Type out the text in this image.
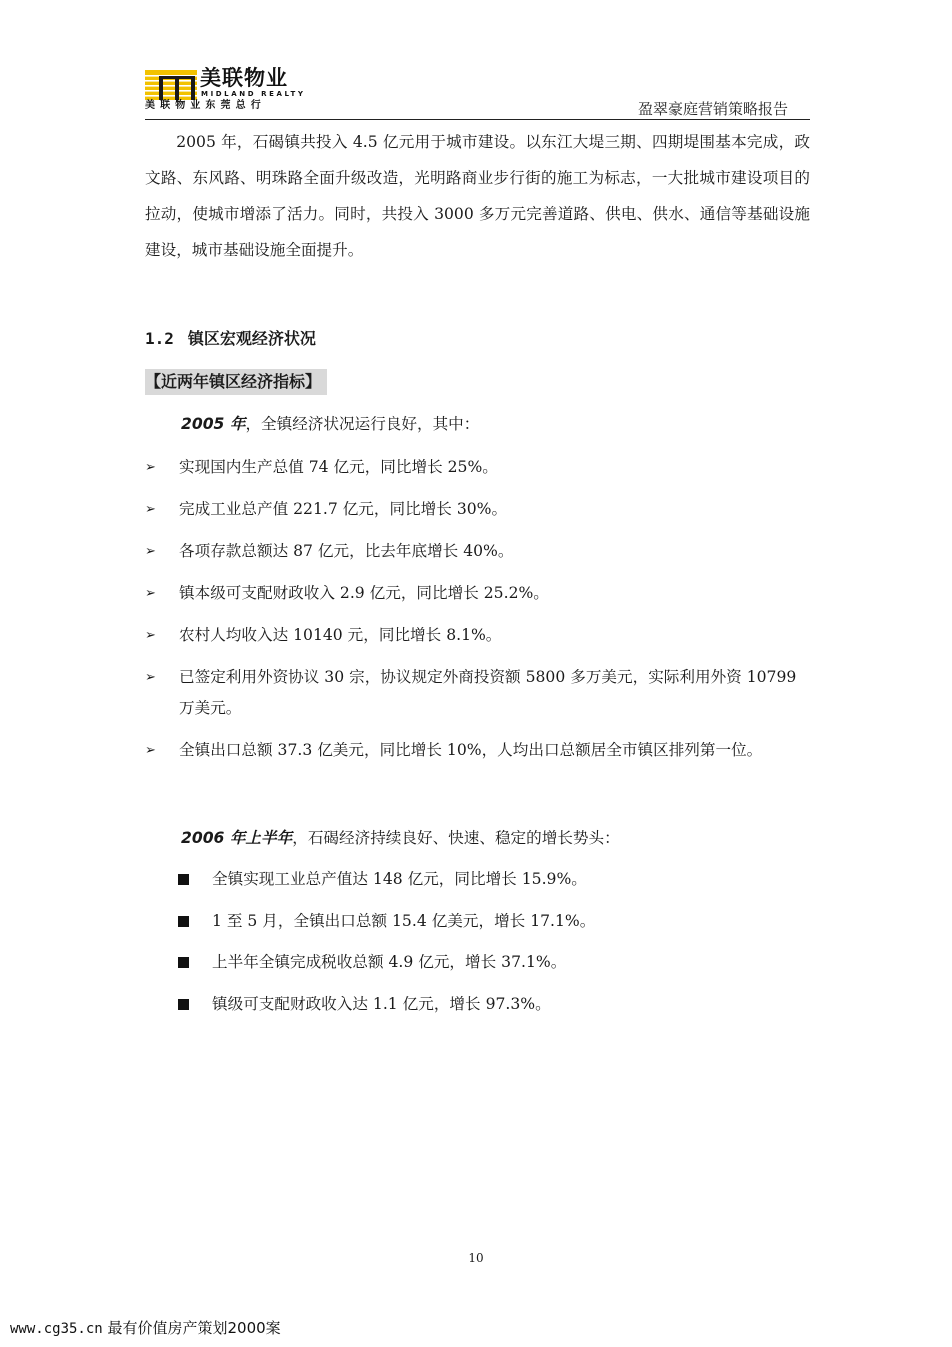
美联物业
MIDLAND REALTY
美联物业东莞总行	盈翠豪庭营销策略报告

2005 年，石碣镇共投入 4.5 亿元用于城市建设。以东江大堤三期、四期堤围基本完成，政文路、东风路、明珠路全面升级改造，光明路商业步行街的施工为标志，一大批城市建设项目的拉动，使城市增添了活力。同时，共投入 3000 多万元完善道路、供电、供水、通信等基础设施建设，城市基础设施全面提升。

1.2 镇区宏观经济状况
【近两年镇区经济指标】
2005 年，全镇经济状况运行良好，其中：
➢	实现国内生产总值 74 亿元，同比增长 25%。
➢	完成工业总产值 221.7 亿元，同比增长 30%。
➢	各项存款总额达 87 亿元，比去年底增长 40%。
➢	镇本级可支配财政收入 2.9 亿元，同比增长 25.2%。
➢	农村人均收入达 10140 元，同比增长 8.1%。
➢	已签定利用外资协议 30 宗，协议规定外商投资额 5800 多万美元，实际利用外资 10799 万美元。
➢	全镇出口总额 37.3 亿美元，同比增长 10%，人均出口总额居全市镇区排列第一位。
2006 年上半年，石碣经济持续良好、快速、稳定的增长势头：
全镇实现工业总产值达 148 亿元，同比增长 15.9%。
1 至 5 月，全镇出口总额 15.4 亿美元，增长 17.1%。
上半年全镇完成税收总额 4.9 亿元，增长 37.1%。
镇级可支配财政收入达 1.1 亿元，增长 97.3%。
10
www.cg35.cn 最有价值房产策划2000案
